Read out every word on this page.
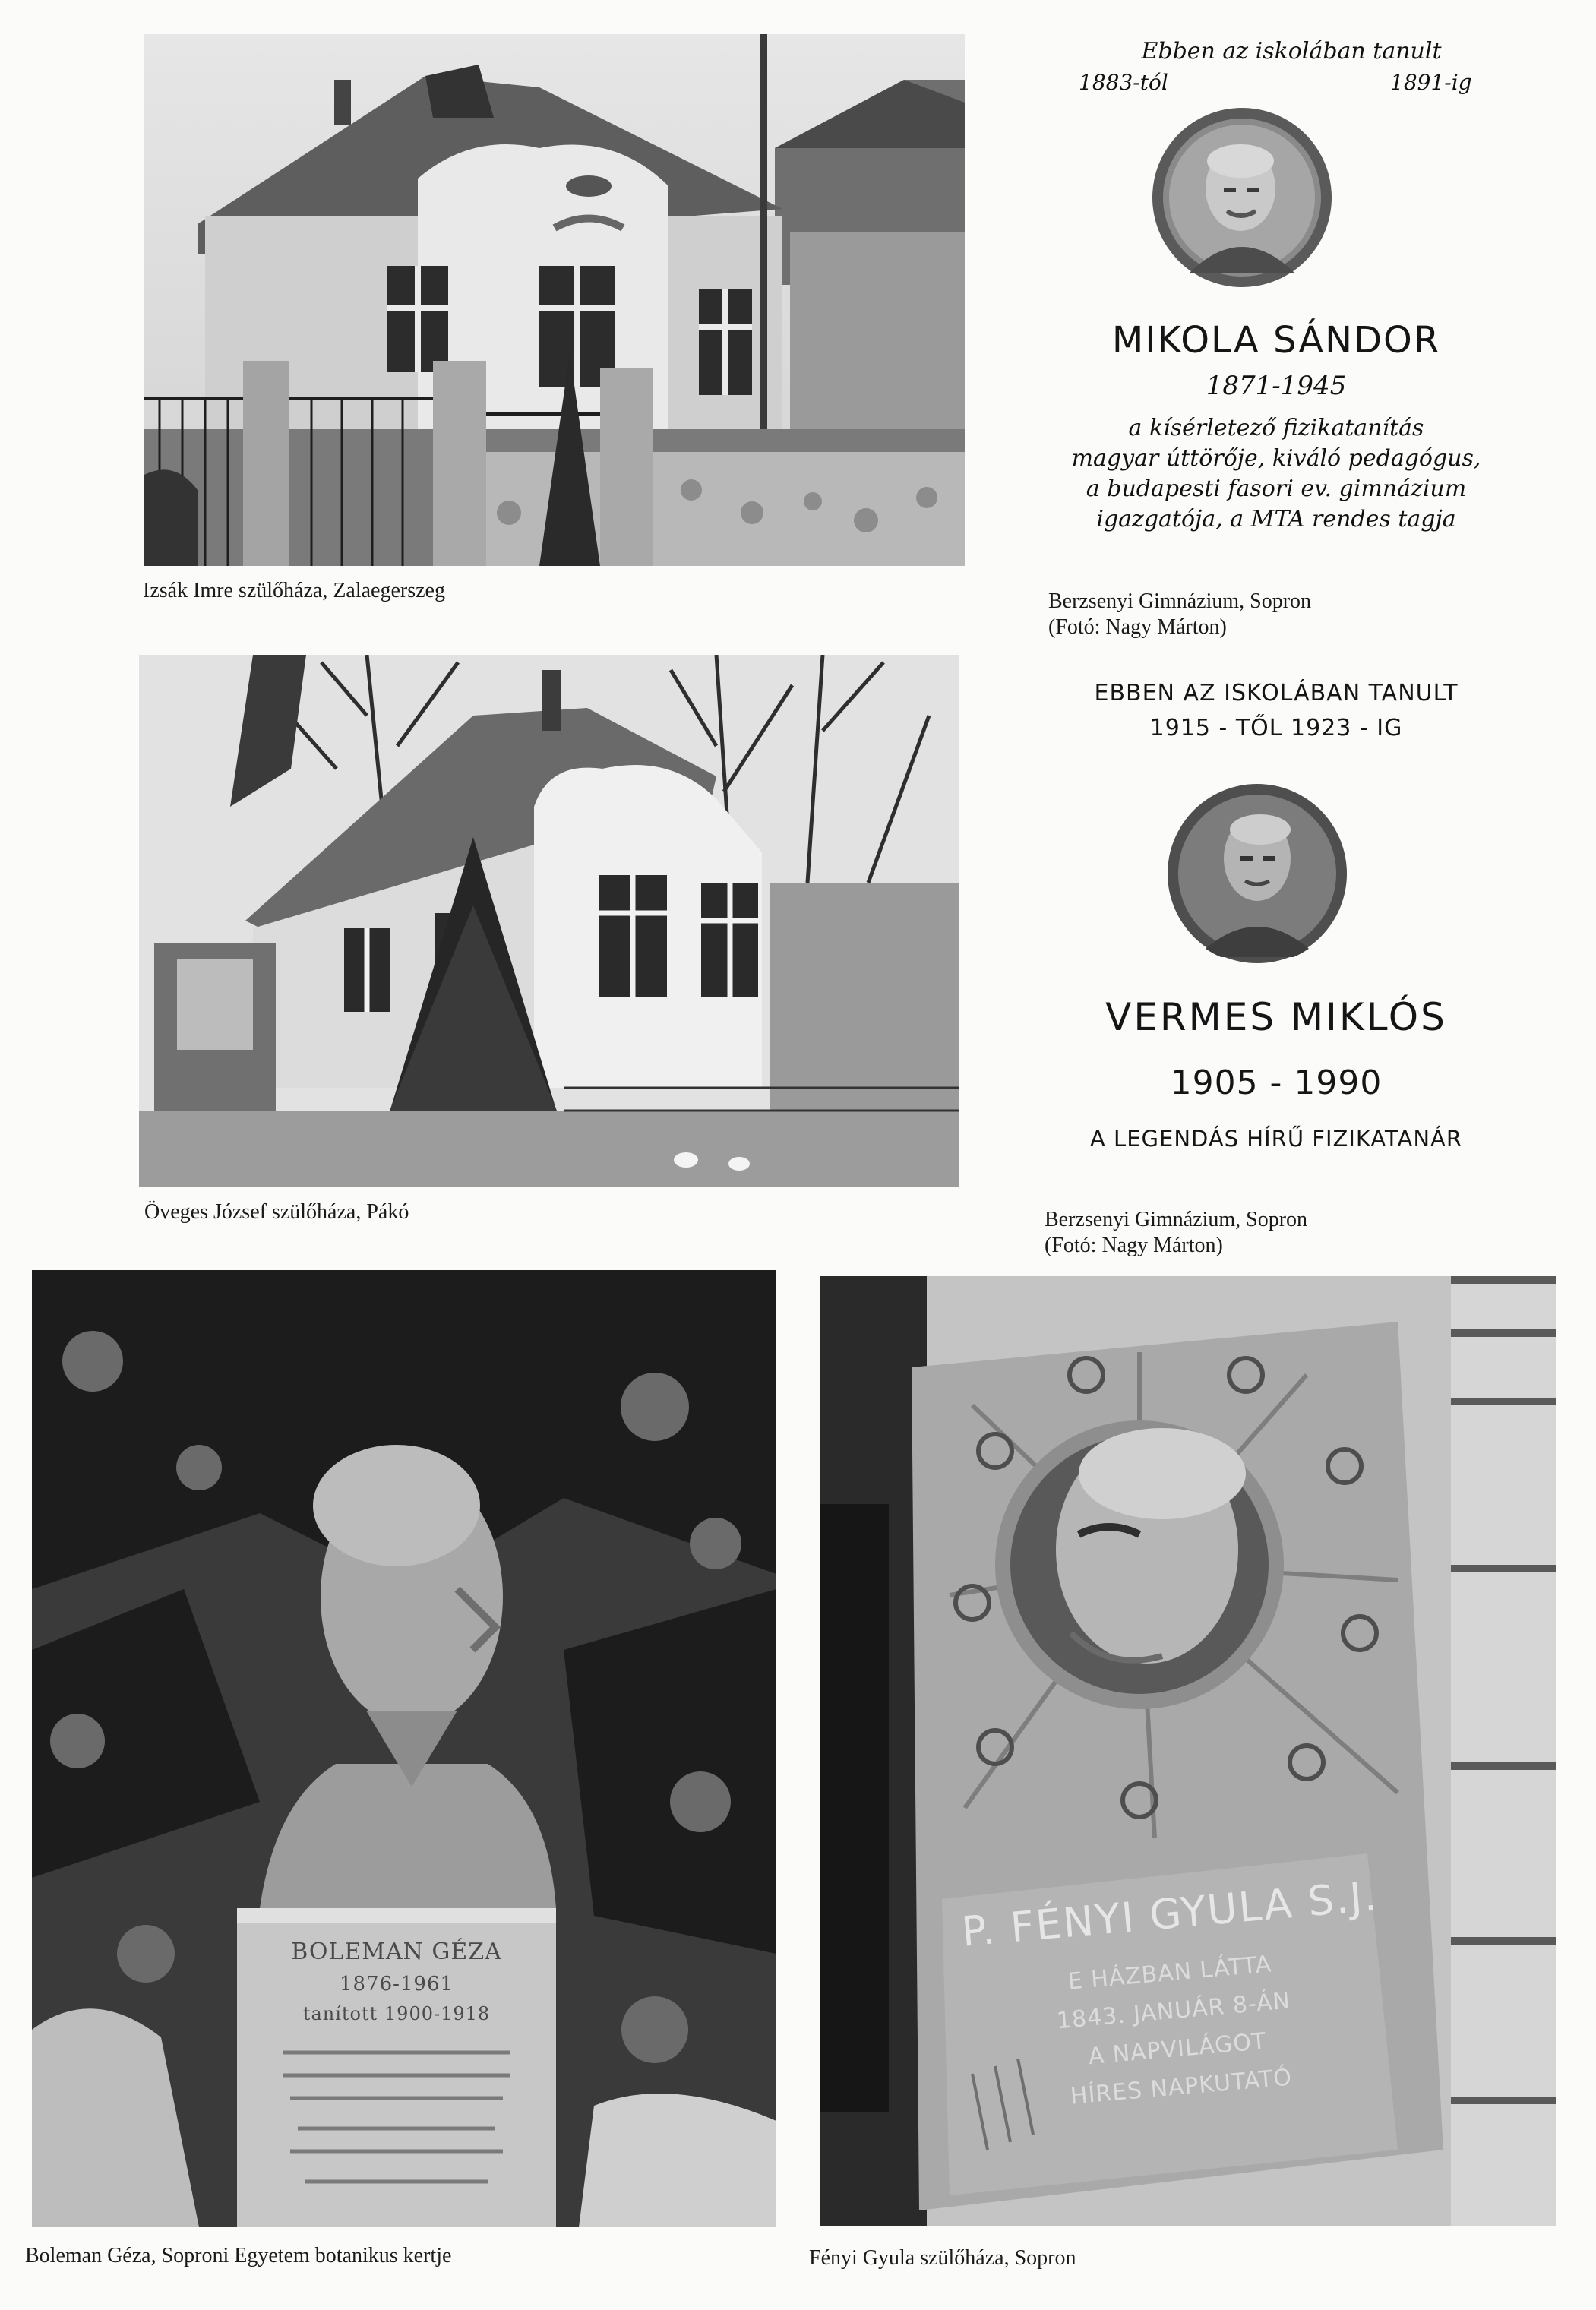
Izsák Imre szülőháza, Zalaegerszeg
Ebben az iskolában tanult
1883-tól	1891-ig
MIKOLA SÁNDOR
1871-1945
a kísérletező fizikatanítás
magyar úttörője, kiváló pedagógus,
a budapesti fasori ev. gimnázium
igazgatója, a MTA rendes tagja
Berzsenyi Gimnázium, Sopron
(Fotó: Nagy Márton)
Öveges József szülőháza, Pákó
EBBEN AZ ISKOLÁBAN TANULT
1915 - TŐL 1923 - IG
VERMES MIKLÓS
1905 - 1990
A LEGENDÁS HÍRŰ FIZIKATANÁR
Berzsenyi Gimnázium, Sopron
(Fotó: Nagy Márton)
BOLEMAN GÉZA
1876-1961
tanított 1900-1918
Boleman Géza, Soproni Egyetem botanikus kertje
P. FÉNYI GYULA S.J.
E HÁZBAN LÁTTA
1843. JANUÁR 8-ÁN
A NAPVILÁGOT
HÍRES NAPKUTATÓ
Fényi Gyula szülőháza, Sopron
